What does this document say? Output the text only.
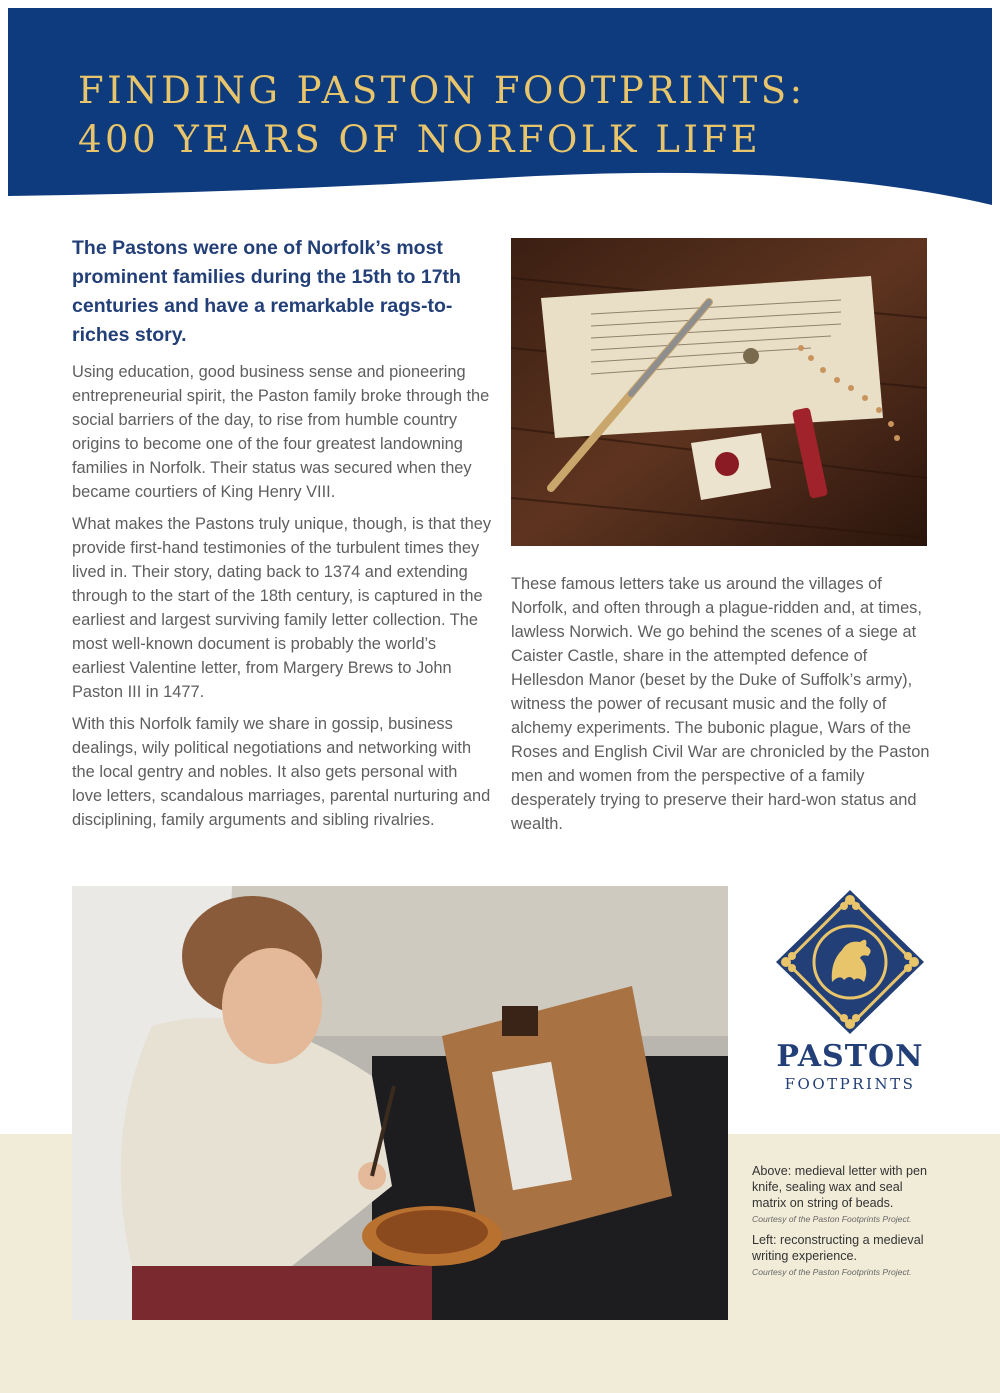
FINDING PASTON FOOTPRINTS:
400 YEARS OF NORFOLK LIFE

The Pastons were one of Norfolk’s most prominent families during the 15th to 17th centuries and have a remarkable rags-to-riches story.

Using education, good business sense and pioneering entrepreneurial spirit, the Paston family broke through the social barriers of the day, to rise from humble country origins to become one of the four greatest landowning families in Norfolk. Their status was secured when they became courtiers of King Henry VIII.

What makes the Pastons truly unique, though, is that they provide first-hand testimonies of the turbulent times they lived in. Their story, dating back to 1374 and extending through to the start of the 18th century, is captured in the earliest and largest surviving family letter collection. The most well-known document is probably the world’s earliest Valentine letter, from Margery Brews to John Paston III in 1477.

With this Norfolk family we share in gossip, business dealings, wily political negotiations and networking with the local gentry and nobles. It also gets personal with love letters, scandalous marriages, parental nurturing and disciplining, family arguments and sibling rivalries.

These famous letters take us around the villages of Norfolk, and often through a plague-ridden and, at times, lawless Norwich. We go behind the scenes of a siege at Caister Castle, share in the attempted defence of Hellesdon Manor (beset by the Duke of Suffolk’s army), witness the power of recusant music and the folly of alchemy experiments. The bubonic plague, Wars of the Roses and English Civil War are chronicled by the Paston men and women from the perspective of a family desperately trying to preserve their hard-won status and wealth.

PASTON
FOOTPRINTS

Above: medieval letter with pen knife, sealing wax and seal matrix on string of beads.

Courtesy of the Paston Footprints Project.

Left: reconstructing a medieval writing experience.

Courtesy of the Paston Footprints Project.
